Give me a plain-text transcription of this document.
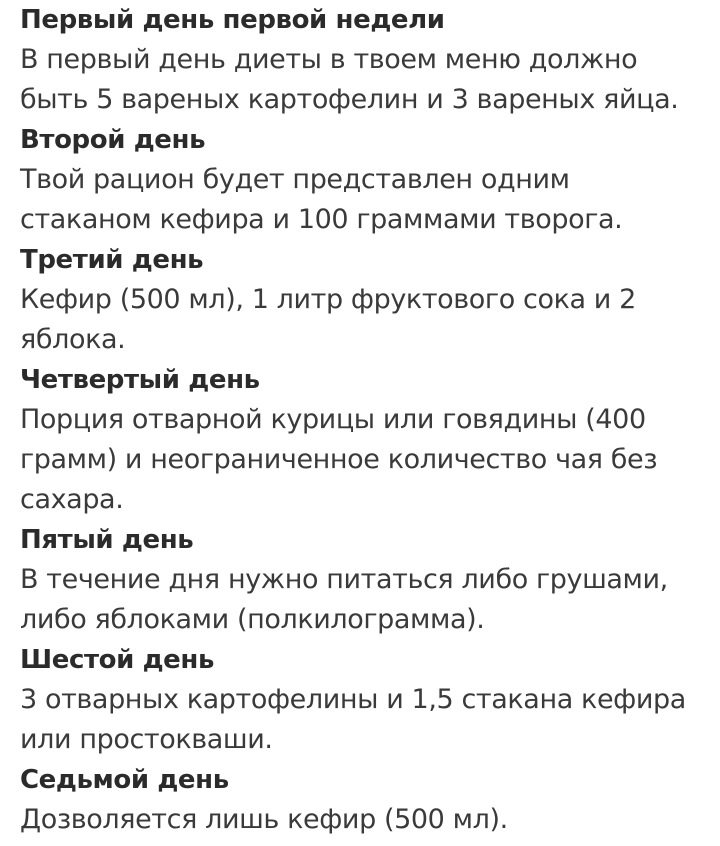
Первый день первой недели

В первый день диеты в твоем меню должно

быть 5 вареных картофелин и 3 вареных яйца.

Второй день

Твой рацион будет представлен одним

стаканом кефира и 100 граммами творога.

Третий день

Кефир (500 мл), 1 литр фруктового сока и 2

яблока.

Четвертый день

Порция отварной курицы или говядины (400

грамм) и неограниченное количество чая без

сахара.

Пятый день

В течение дня нужно питаться либо грушами,

либо яблоками (полкилограмма).

Шестой день

3 отварных картофелины и 1,5 стакана кефира

или простокваши.

Седьмой день

Дозволяется лишь кефир (500 мл).
